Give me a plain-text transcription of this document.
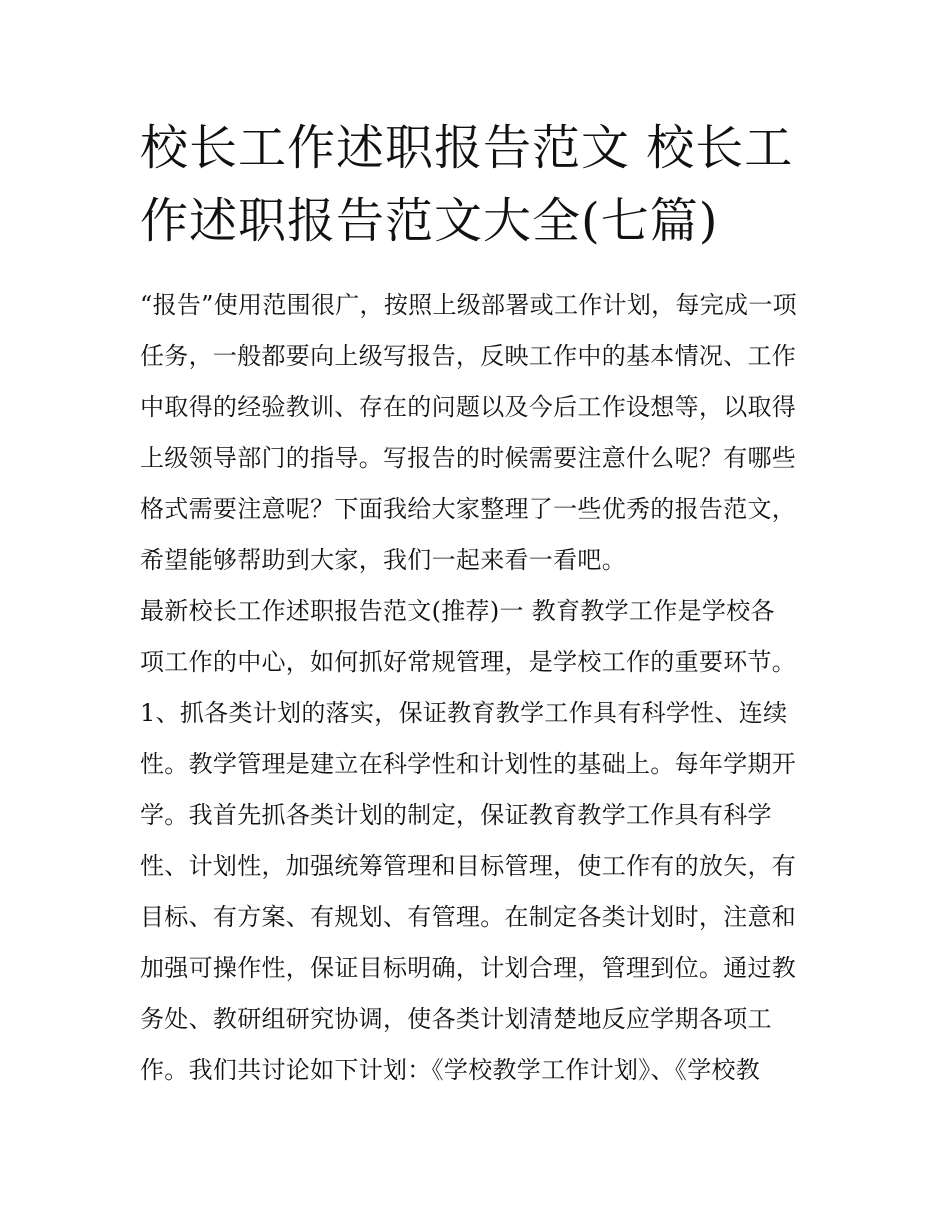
校长工作述职报告范文 校长工
作述职报告范文大全(七篇)
“报告”使用范围很广，按照上级部署或工作计划，每完成一项
任务，一般都要向上级写报告，反映工作中的基本情况、工作
中取得的经验教训、存在的问题以及今后工作设想等，以取得
上级领导部门的指导。写报告的时候需要注意什么呢？有哪些
格式需要注意呢？下面我给大家整理了一些优秀的报告范文，
希望能够帮助到大家，我们一起来看一看吧。
最新校长工作述职报告范文(推荐)一 教育教学工作是学校各
项工作的中心，如何抓好常规管理，是学校工作的重要环节。
1、抓各类计划的落实，保证教育教学工作具有科学性、连续
性。教学管理是建立在科学性和计划性的基础上。每年学期开
学。我首先抓各类计划的制定，保证教育教学工作具有科学
性、计划性，加强统筹管理和目标管理，使工作有的放矢，有
目标、有方案、有规划、有管理。在制定各类计划时，注意和
加强可操作性，保证目标明确，计划合理，管理到位。通过教
务处、教研组研究协调，使各类计划清楚地反应学期各项工
作。我们共讨论如下计划：《学校教学工作计划》、《学校教
